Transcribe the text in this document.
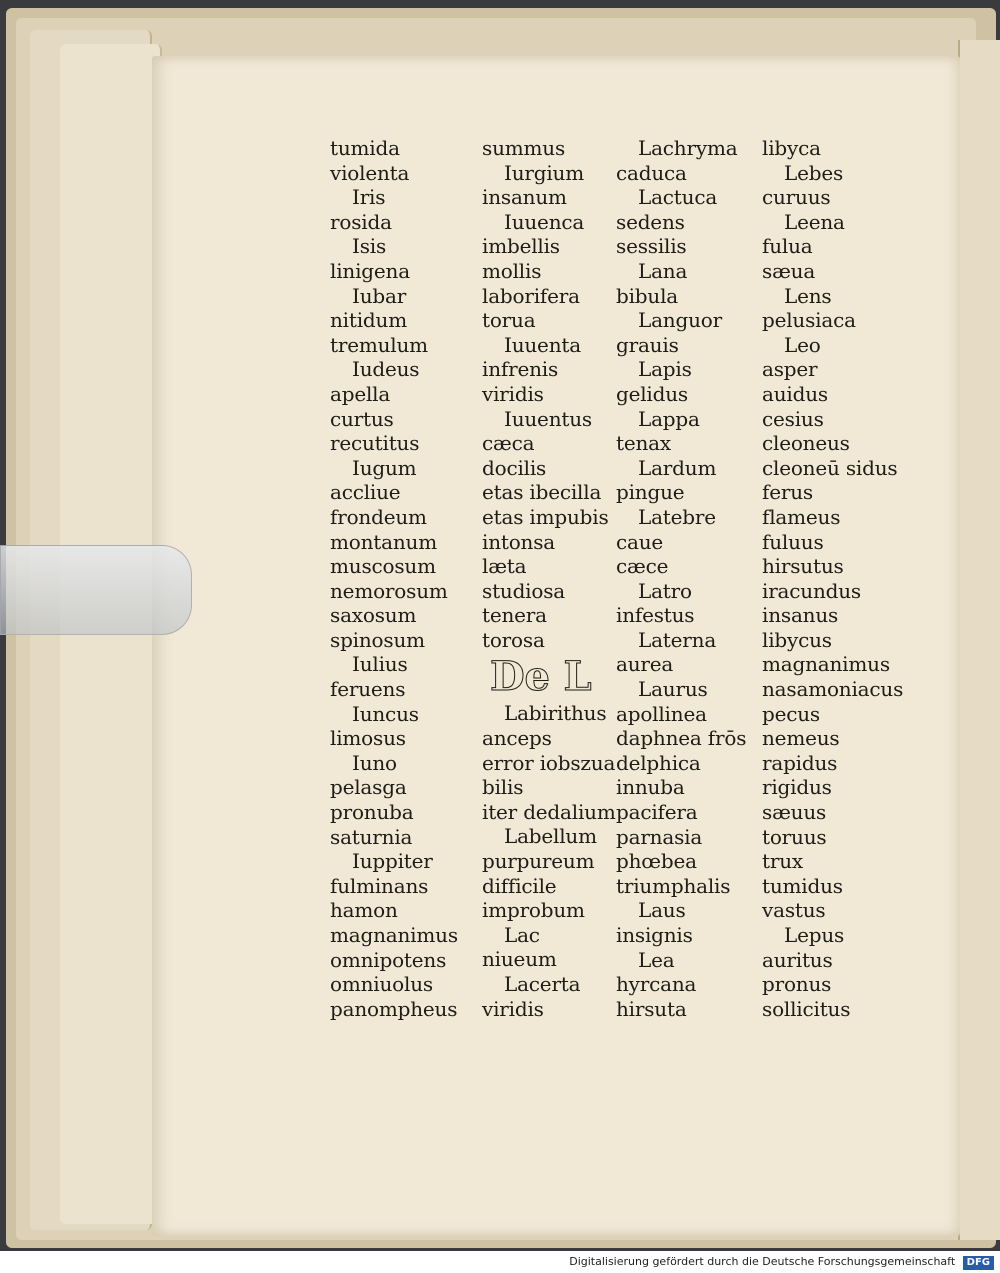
tumida
violenta
Iris
rosida
Isis
linigena
Iubar
nitidum
tremulum
Iudeus
apella
curtus
recutitus
Iugum
accliue
frondeum
montanum
muscosum
nemorosum
saxosum
spinosum
Iulius
feruens
Iuncus
limosus
Iuno
pelasga
pronuba
saturnia
Iuppiter
fulminans
hamon
magnanimus
omnipotens
omniuolus
panompheus
summus
Iurgium
insanum
Iuuenca
imbellis
mollis
laborifera
torua
Iuuenta
infrenis
viridis
Iuuentus
cæca
docilis
etas ibecilla
etas impubis
intonsa
læta
studiosa
tenera
torosa
De L
Labirithus
anceps
error iobszua
bilis
iter dedalium
Labellum
purpureum
difficile
improbum
Lac
niueum
Lacerta
viridis
Lachryma
caduca
Lactuca
sedens
sessilis
Lana
bibula
Languor
grauis
Lapis
gelidus
Lappa
tenax
Lardum
pingue
Latebre
caue
cæce
Latro
infestus
Laterna
aurea
Laurus
apollinea
daphnea frōs
delphica
innuba
pacifera
parnasia
phœbea
triumphalis
Laus
insignis
Lea
hyrcana
hirsuta
libyca
Lebes
curuus
Leena
fulua
sæua
Lens
pelusiaca
Leo
asper
auidus
cesius
cleoneus
cleoneū sidus
ferus
flameus
fuluus
hirsutus
iracundus
insanus
libycus
magnanimus
nasamoniacus
pecus
nemeus
rapidus
rigidus
sæuus
toruus
trux
tumidus
vastus
Lepus
auritus
pronus
sollicitus
Digitalisierung gefördert durch die Deutsche Forschungsgemeinschaft DFG
